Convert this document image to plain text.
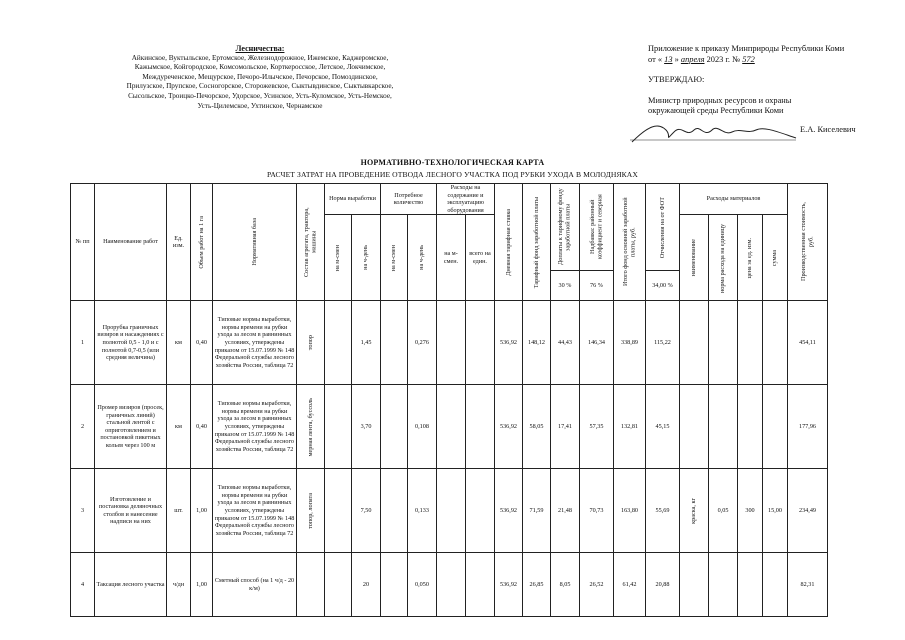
Лесничества:
Айкинское, Вуктыльское, Ертомское, Железнодорожное, Ижемское, Каджеромское,
Кажымское, Койгородское, Комсомольское, Корткеросское, Летское, Локчимское,
Междуреченское, Мещурское, Печоро-Илычское, Печорское, Помоздинское,
Прилузское, Прупское, Сосногорское, Сторожевское, Сыктывдинское, Сыктывкарское,
Сысольское, Троицко-Печорское, Удорское, Усинское, Усть-Куломское, Усть-Немское,
Усть-Цилемское, Ухтинское, Чернамское
Приложение к приказу Минприроды Республики Коми
от « 13 » апреля 2023 г. № 572
УТВЕРЖДАЮ:
Министр природных ресурсов и охраны
окружающей среды Республики Коми
Е.А. Киселевич
НОРМАТИВНО-ТЕХНОЛОГИЧЕСКАЯ КАРТА
РАСЧЕТ ЗАТРАТ НА ПРОВЕДЕНИЕ ОТВОДА ЛЕСНОГО УЧАСТКА ПОД РУБКИ УХОДА В МОЛОДНЯКАХ
№ пп	Наименование работ	Ед. изм.	Объем работ на 1 га	Нормативная база	Состав агрегата, трактора, машины	Норма выработки		Потребное количество		Расходы на содержание и эксплуатацию оборудования		Дневная тарифная ставка	Тарифный фонд заработной платы	Доплаты к тарифному фонду заработной платы	Надбавка: районный коэффициент и северная	Итого фонд основной заработной платы, руб.	Отчисления на от ФОТ	Расходы материалов				Производственная стоимость, руб.

						на м-смен	на ч-день	на м-смен	на ч-день	на м-смен.	всего на един.							наименование	норма расхода на единицу	цена за ед. изм.	сумма	

														30 %	76 %		34,00 %					
1	Прорубка граничных визиров и насаждениях с полнотой 0,5 - 1,0 и с полнотой 0,7-0,5 (или средняя величина)	км	0,40	Типовые нормы выработки, нормы времени на рубки ухода за лесом в равнинных условиях, утверждены приказом от 15.07.1999 № 148 Федеральной службы лесного хозяйства России, таблица 72	топор		1,45		0,276			536,92	148,12	44,43	146,34	338,89	115,22					454,11
2	Промер визиров (просек, граничных линий) стальной лентой с оприготовлением и постановкой пикетных кольев через 100 м	км	0,40	Типовые нормы выработки, нормы времени на рубки ухода за лесом в равнинных условиях, утверждены приказом от 15.07.1999 № 148 Федеральной службы лесного хозяйства России, таблица 72	мерная лента, буссоль		3,70		0,108			536,92	58,05	17,41	57,35	132,81	45,15					177,96
3	Изготовление и постановка деляночных столбов и нанесение надписи на них	шт.	1,00	Типовые нормы выработки, нормы времени на рубки ухода за лесом в равнинных условиях, утверждены приказом от 15.07.1999 № 148 Федеральной службы лесного хозяйства России, таблица 72	топор, лопата		7,50		0,133			536,92	71,59	21,48	70,73	163,80	55,69	краска, кг	0,05	300	15,00	234,49
4	Таксация лесного участка	ч/дн	1,00	Сметный способ (на 1 ч/д - 20 к/м)			20		0,050			536,92	26,85	8,05	26,52	61,42	20,88					82,31
